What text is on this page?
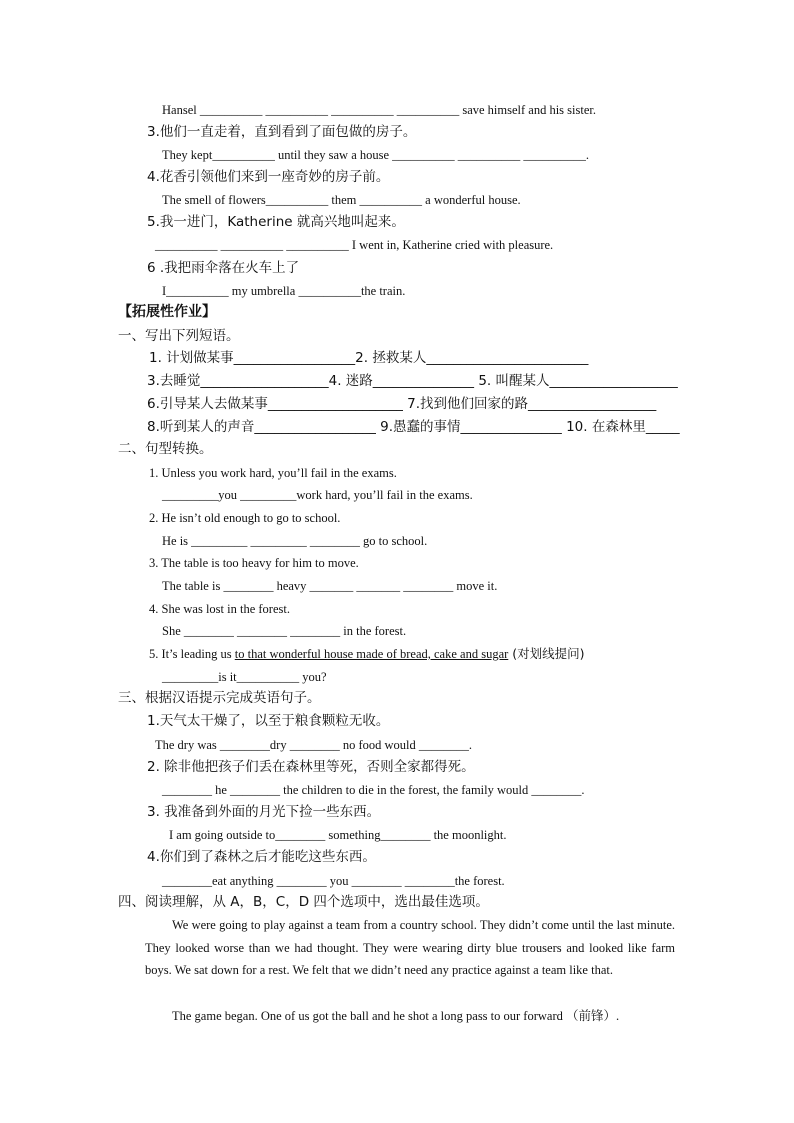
Hansel __________ __________ __________ __________ save himself and his sister.
3.他们一直走着，直到看到了面包做的房子。
They kept__________ until they saw a house __________ __________ __________.
4.花香引领他们来到一座奇妙的房子前。
The smell of flowers__________ them __________ a wonderful house.
5.我一进门，Katherine 就高兴地叫起来。
__________ __________ __________ I went in, Katherine cried with pleasure.
6 .我把雨伞落在火车上了
I__________ my umbrella __________the train.
【拓展性作业】
一、写出下列短语。
1. 计划做某事__________________2. 拯救某人________________________
3.去睡觉___________________4. 迷路_______________ 5. 叫醒某人___________________
6.引导某人去做某事____________________ 7.找到他们回家的路___________________
8.听到某人的声音__________________ 9.愚蠢的事情_______________ 10. 在森林里_____
二、句型转换。
1. Unless you work hard, you’ll fail in the exams.
_________you _________work hard, you’ll fail in the exams.
2. He isn’t old enough to go to school.
He is _________ _________ ________ go to school.
3. The table is too heavy for him to move.
The table is ________ heavy _______ _______ ________ move it.
4. She was lost in the forest.
She ________ ________ ________ in the forest.
5. It’s leading us to that wonderful house made of bread, cake and sugar (对划线提问)
_________is it__________ you?
三、根据汉语提示完成英语句子。
1.天气太干燥了，以至于粮食颗粒无收。
The dry was ________dry ________ no food would ________.
2. 除非他把孩子们丢在森林里等死，否则全家都得死。
________ he ________ the children to die in the forest, the family would ________.
3. 我准备到外面的月光下捡一些东西。
I am going outside to________ something________ the moonlight.
4.你们到了森林之后才能吃这些东西。
________eat anything ________ you ________ ________the forest.
四、阅读理解，从 A，B，C，D 四个选项中，选出最佳选项。
We were going to play against a team from a country school. They didn’t come until the last minute. They looked worse than we had thought. They were wearing dirty blue trousers and looked like farm boys. We sat down for a rest. We felt that we didn’t need any practice against a team like that.
The game began. One of us got the ball and he shot a long pass to our forward （前锋）.
